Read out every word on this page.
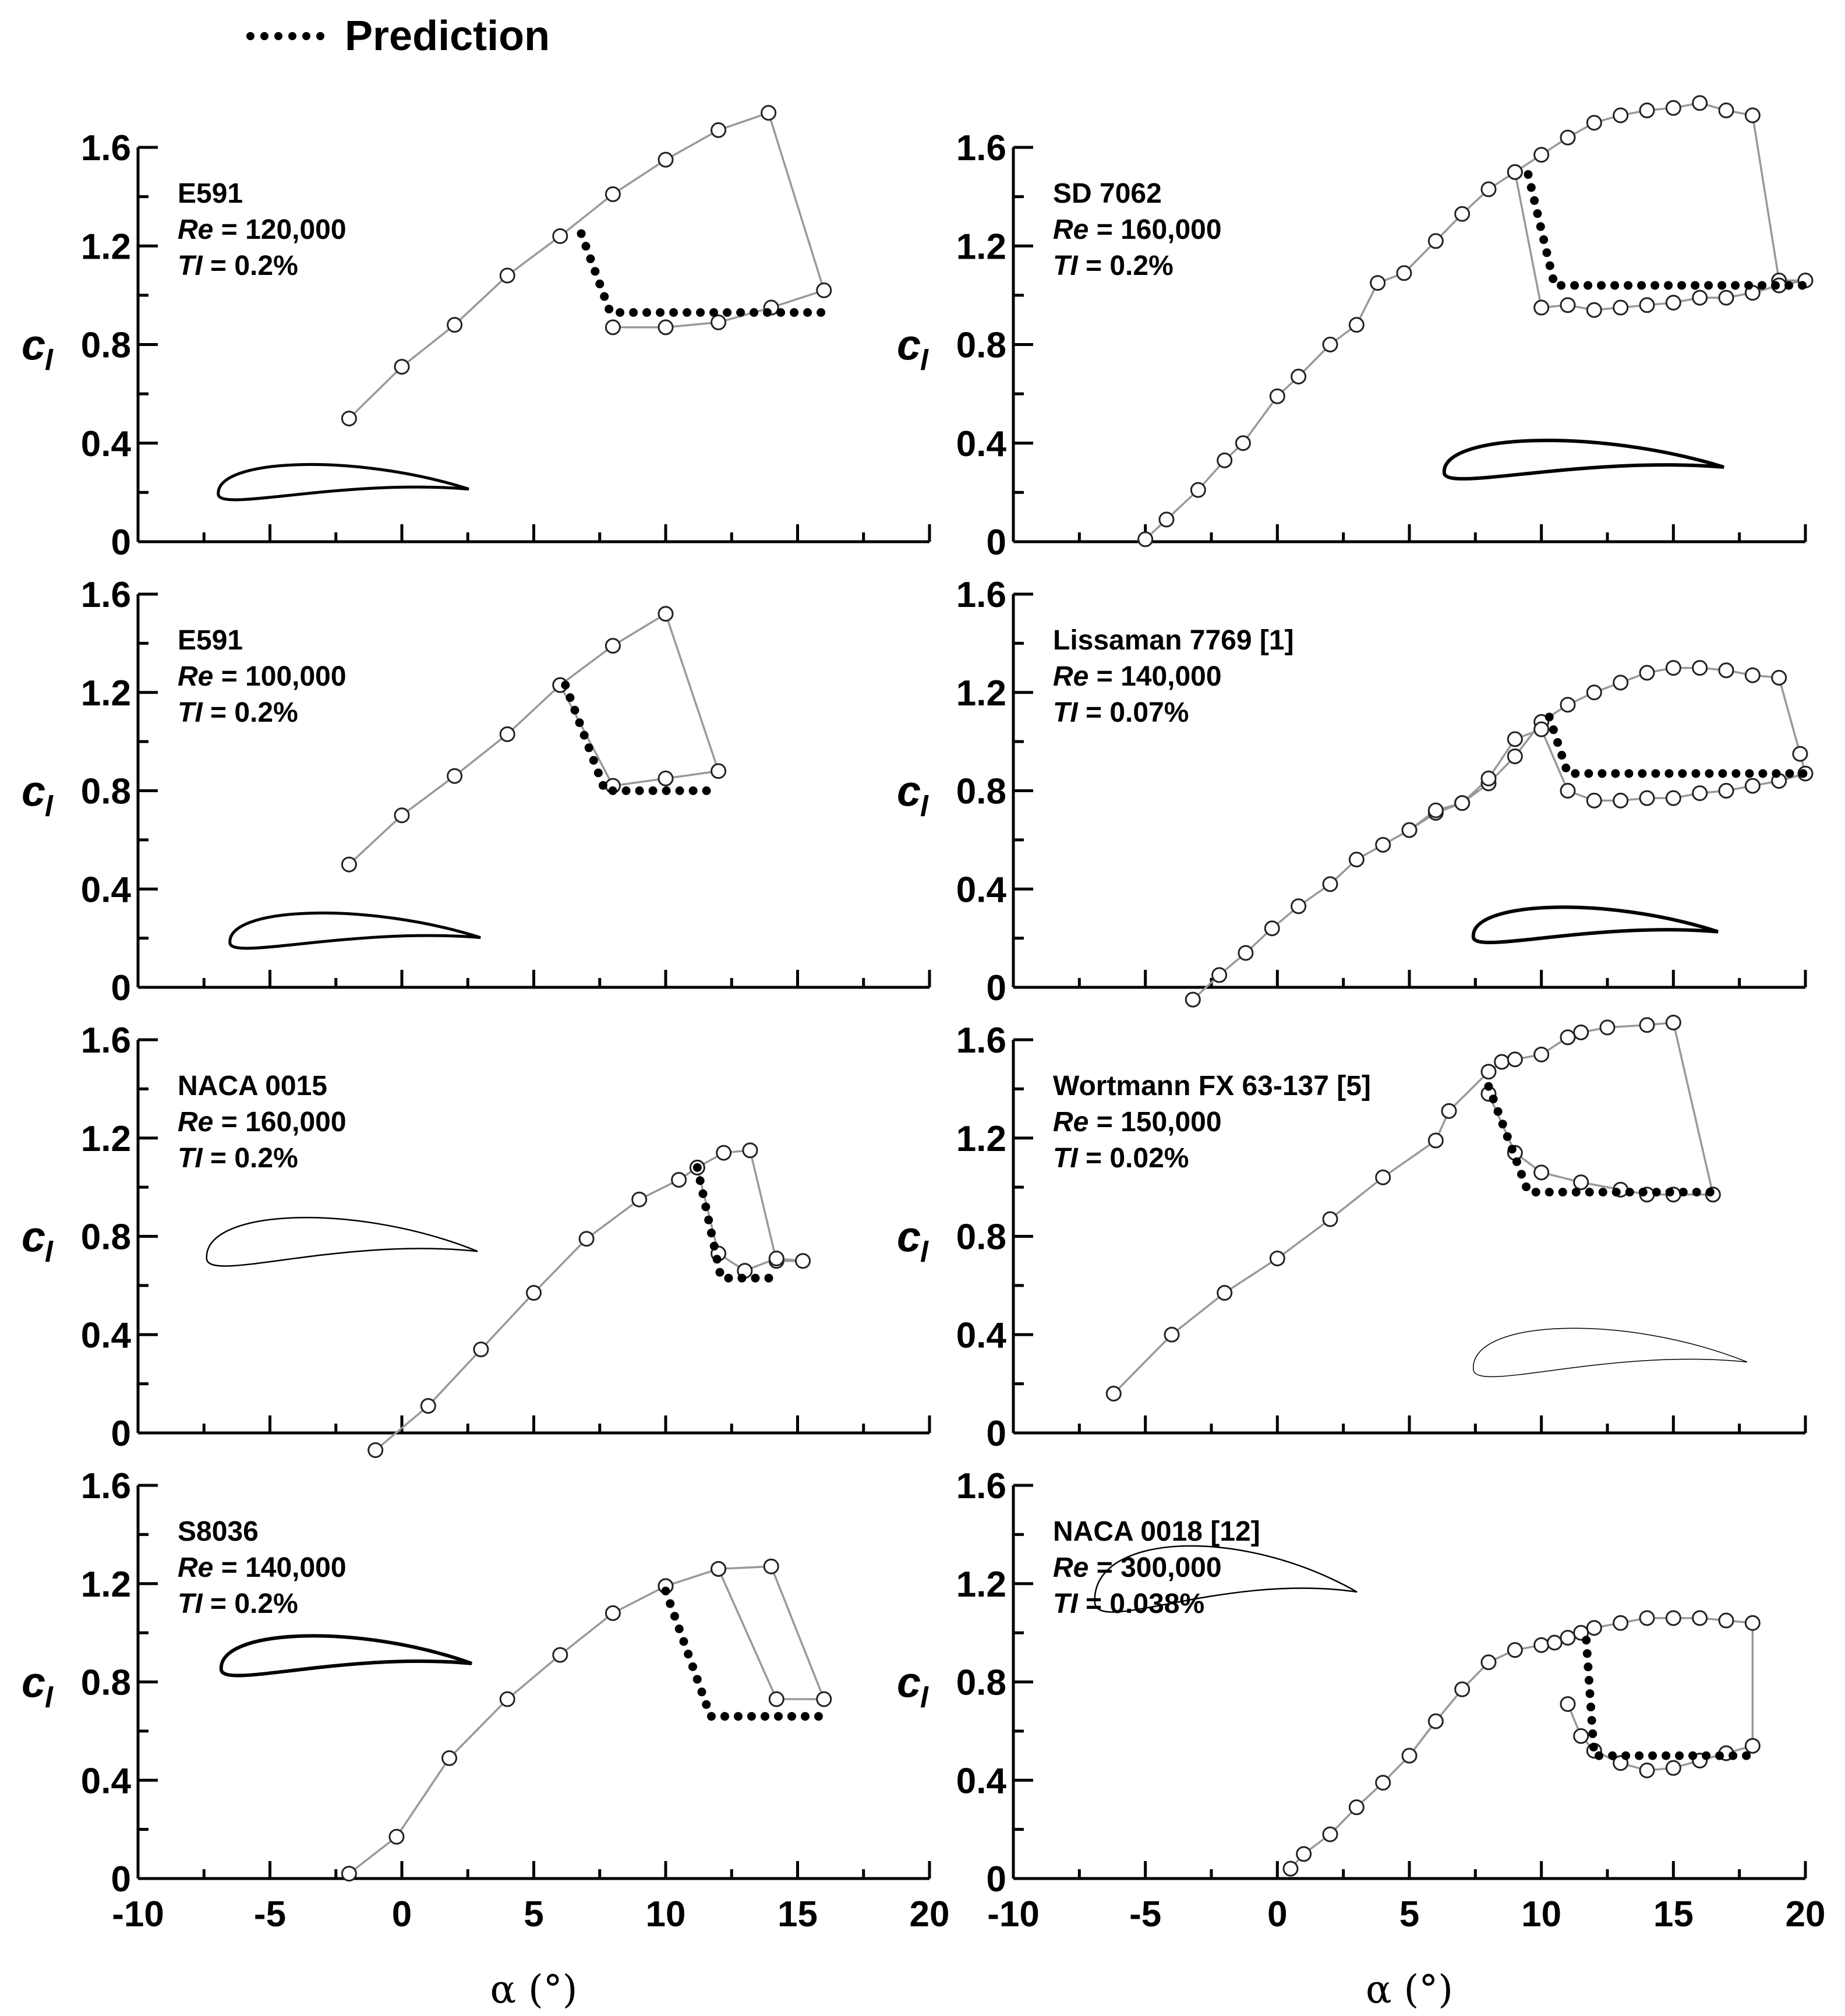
Prediction
0
0.4
0.8
1.2
1.6
c
l
E591
Re = 120,000
TI = 0.2%
0
0.4
0.8
1.2
1.6
c
l
SD 7062
Re = 160,000
TI = 0.2%
0
0.4
0.8
1.2
1.6
c
l
E591
Re = 100,000
TI = 0.2%
0
0.4
0.8
1.2
1.6
c
l
Lissaman 7769 [1]
Re = 140,000
TI = 0.07%
0
0.4
0.8
1.2
1.6
c
l
NACA 0015
Re = 160,000
TI = 0.2%
0
0.4
0.8
1.2
1.6
c
l
Wortmann FX 63-137 [5]
Re = 150,000
TI = 0.02%
0
0.4
0.8
1.2
1.6
-10 -5	0	5	10	15	20
α (°)
c
l
S8036
Re = 140,000
TI = 0.2%
0
0.4
0.8
1.2
1.6
-10 -5	0	5	10	15	20
α (°)
c
l
NACA 0018 [12]
Re = 300,000
TI = 0.038%
